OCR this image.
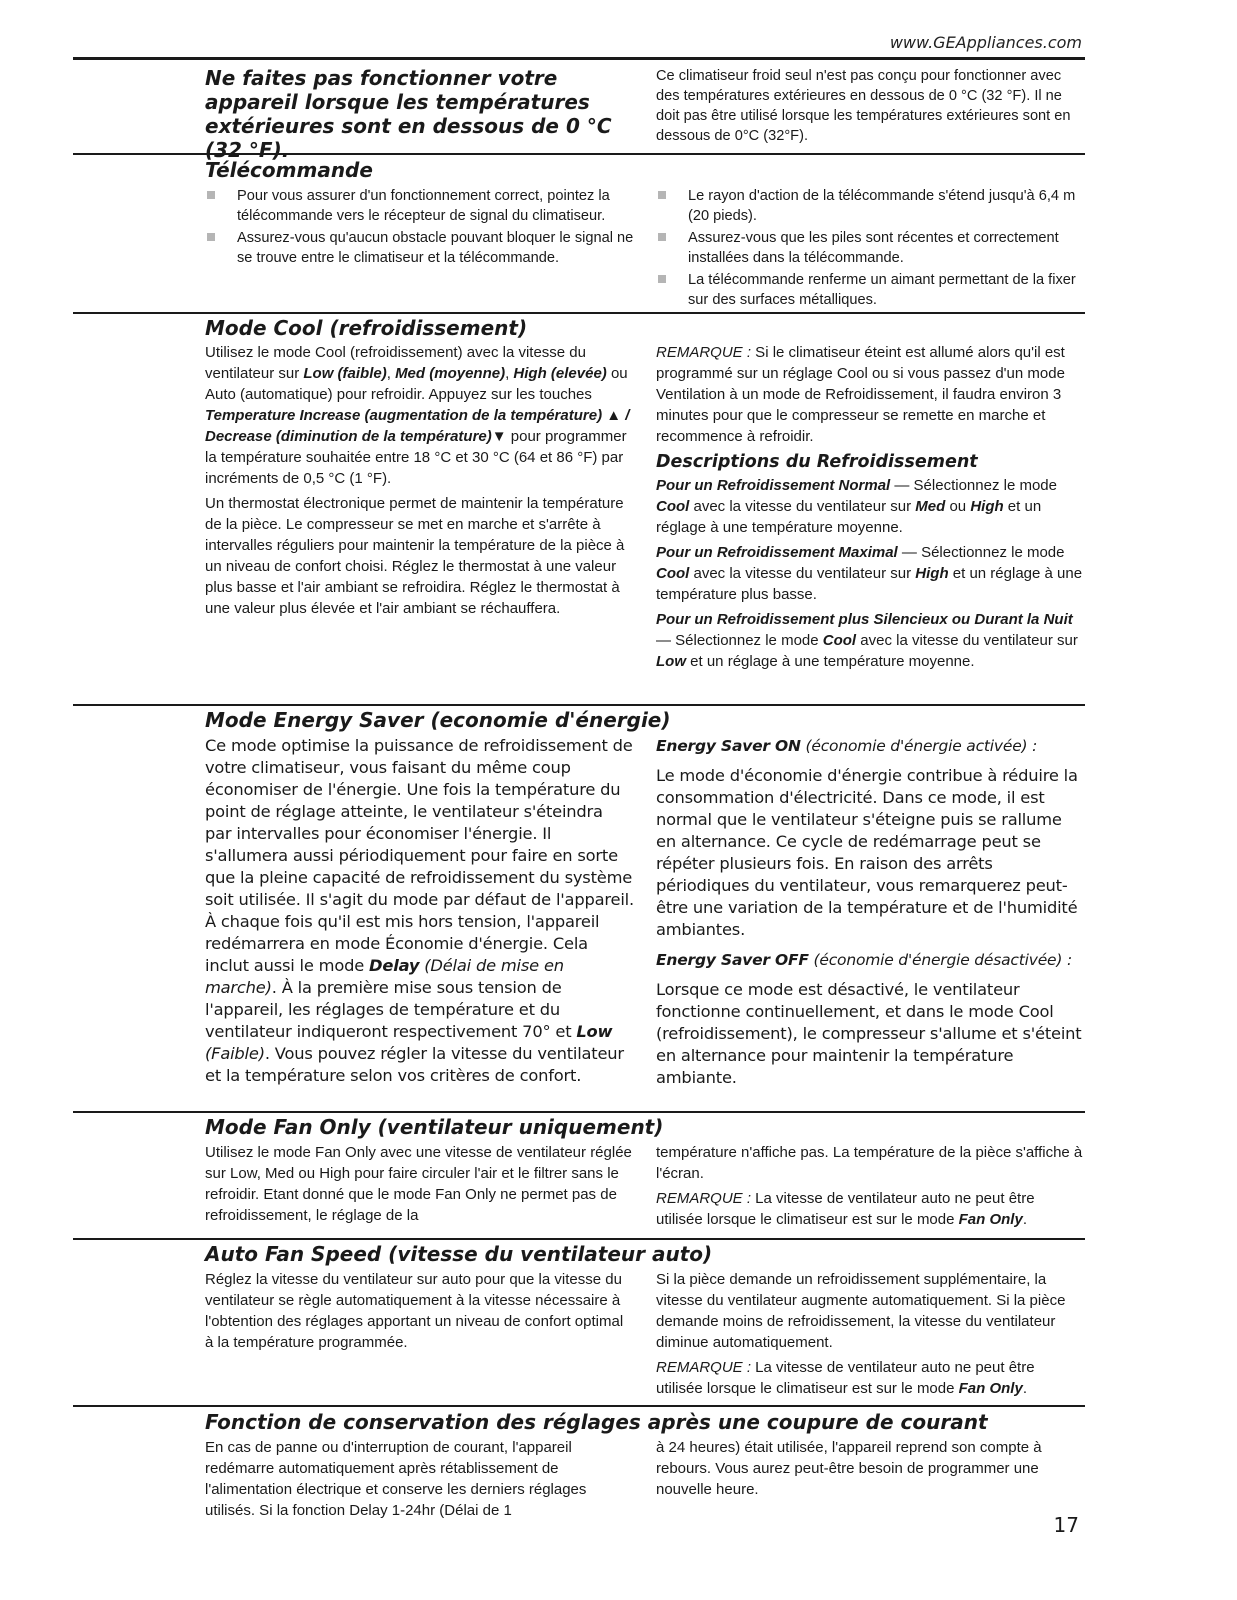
www.GEAppliances.com

Ne faites pas fonctionner votre appareil lorsque les températures extérieures sont en dessous de 0 °C (32 °F).

Ce climatiseur froid seul n'est pas conçu pour fonctionner avec des températures extérieures en dessous de 0 °C (32 °F). Il ne doit pas être utilisé lorsque les températures extérieures sont en dessous de 0°C (32°F).

Télécommande
Pour vous assurer d'un fonctionnement correct, pointez la télécommande vers le récepteur de signal du climatiseur.
Assurez-vous qu'aucun obstacle pouvant bloquer le signal ne se trouve entre le climatiseur et la télécommande.
Le rayon d'action de la télécommande s'étend jusqu'à 6,4 m (20 pieds).
Assurez-vous que les piles sont récentes et correctement installées dans la télécommande.
La télécommande renferme un aimant permettant de la fixer sur des surfaces métalliques.
Mode Cool (refroidissement)

Utilisez le mode Cool (refroidissement) avec la vitesse du ventilateur sur Low (faible), Med (moyenne), High (elevée) ou Auto (automatique) pour refroidir. Appuyez sur les touches Temperature Increase (augmentation de la température) ▲ / Decrease (diminution de la température)▼ pour programmer la température souhaitée entre 18 °C et 30 °C (64 et 86 °F) par incréments de 0,5 °C (1 °F).

Un thermostat électronique permet de maintenir la température de la pièce. Le compresseur se met en marche et s'arrête à intervalles réguliers pour maintenir la température de la pièce à un niveau de confort choisi. Réglez le thermostat à une valeur plus basse et l'air ambiant se refroidira. Réglez le thermostat à une valeur plus élevée et l'air ambiant se réchauffera.

REMARQUE : Si le climatiseur éteint est allumé alors qu'il est programmé sur un réglage Cool ou si vous passez d'un mode Ventilation à un mode de Refroidissement, il faudra environ 3 minutes pour que le compresseur se remette en marche et recommence à refroidir.

Descriptions du Refroidissement

Pour un Refroidissement Normal — Sélectionnez le mode Cool avec la vitesse du ventilateur sur Med ou High et un réglage à une température moyenne.

Pour un Refroidissement Maximal — Sélectionnez le mode Cool avec la vitesse du ventilateur sur High et un réglage à une température plus basse.

Pour un Refroidissement plus Silencieux ou Durant la Nuit — Sélectionnez le mode Cool avec la vitesse du ventilateur sur Low et un réglage à une température moyenne.

Mode Energy Saver (economie d'énergie)

Ce mode optimise la puissance de refroidissement de votre climatiseur, vous faisant du même coup économiser de l'énergie. Une fois la température du point de réglage atteinte, le ventilateur s'éteindra par intervalles pour économiser l'énergie. Il s'allumera aussi périodiquement pour faire en sorte que la pleine capacité de refroidissement du système soit utilisée. Il s'agit du mode par défaut de l'appareil. À chaque fois qu'il est mis hors tension, l'appareil redémarrera en mode Économie d'énergie. Cela inclut aussi le mode Delay (Délai de mise en marche). À la première mise sous tension de l'appareil, les réglages de température et du ventilateur indiqueront respectivement 70° et Low (Faible). Vous pouvez régler la vitesse du ventilateur et la température selon vos critères de confort.

Energy Saver ON (économie d'énergie activée) :

Le mode d'économie d'énergie contribue à réduire la consommation d'électricité. Dans ce mode, il est normal que le ventilateur s'éteigne puis se rallume en alternance. Ce cycle de redémarrage peut se répéter plusieurs fois. En raison des arrêts périodiques du ventilateur, vous remarquerez peut-être une variation de la température et de l'humidité ambiantes.

Energy Saver OFF (économie d'énergie désactivée) :

Lorsque ce mode est désactivé, le ventilateur fonctionne continuellement, et dans le mode Cool (refroidissement), le compresseur s'allume et s'éteint en alternance pour maintenir la température ambiante.

Mode Fan Only (ventilateur uniquement)

Utilisez le mode Fan Only avec une vitesse de ventilateur réglée sur Low, Med ou High pour faire circuler l'air et le filtrer sans le refroidir. Etant donné que le mode Fan Only ne permet pas de refroidissement, le réglage de la

température n'affiche pas. La température de la pièce s'affiche à l'écran.

REMARQUE : La vitesse de ventilateur auto ne peut être utilisée lorsque le climatiseur est sur le mode Fan Only.

Auto Fan Speed (vitesse du ventilateur auto)

Réglez la vitesse du ventilateur sur auto pour que la vitesse du ventilateur se règle automatiquement à la vitesse nécessaire à l'obtention des réglages apportant un niveau de confort optimal à la température programmée.

Si la pièce demande un refroidissement supplémentaire, la vitesse du ventilateur augmente automatiquement. Si la pièce demande moins de refroidissement, la vitesse du ventilateur diminue automatiquement.

REMARQUE : La vitesse de ventilateur auto ne peut être utilisée lorsque le climatiseur est sur le mode Fan Only.

Fonction de conservation des réglages après une coupure de courant

En cas de panne ou d'interruption de courant, l'appareil redémarre automatiquement après rétablissement de l'alimentation électrique et conserve les derniers réglages utilisés. Si la fonction Delay 1-24hr (Délai de 1

à 24 heures) était utilisée, l'appareil reprend son compte à rebours. Vous aurez peut-être besoin de programmer une nouvelle heure.

17
